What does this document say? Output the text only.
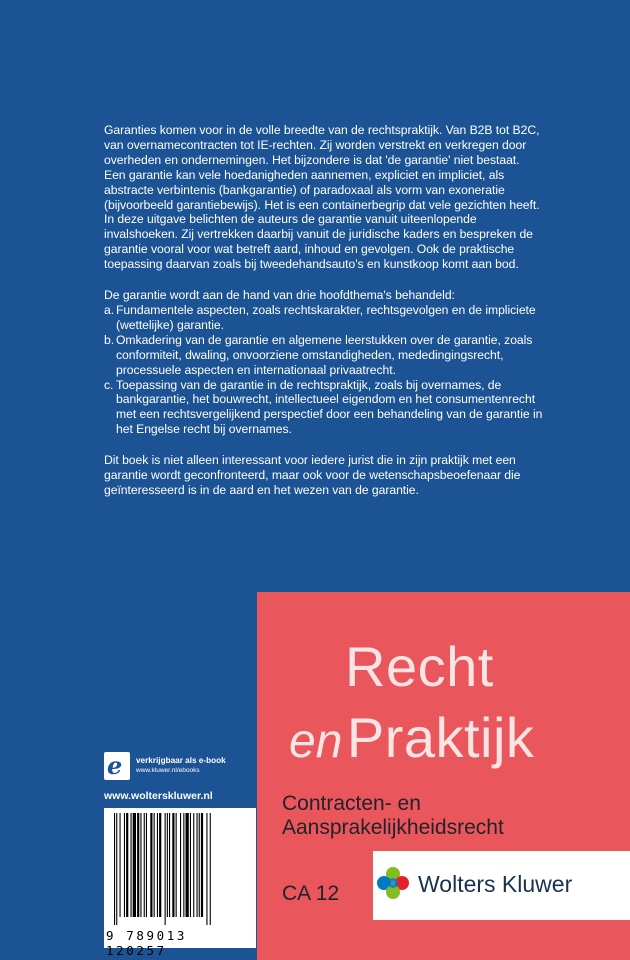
Garanties komen voor in de volle breedte van de rechtspraktijk. Van B2B tot B2C, van overnamecontracten tot IE-rechten. Zij worden verstrekt en verkregen door overheden en ondernemingen. Het bijzondere is dat 'de garantie' niet bestaat. Een garantie kan vele hoedanigheden aannemen, expliciet en impliciet, als abstracte verbintenis (bankgarantie) of paradoxaal als vorm van exoneratie (bijvoorbeeld garantiebewijs). Het is een containerbegrip dat vele gezichten heeft. In deze uitgave belichten de auteurs de garantie vanuit uiteenlopende invalshoeken. Zij vertrekken daarbij vanuit de juridische kaders en bespreken de garantie vooral voor wat betreft aard, inhoud en gevolgen. Ook de praktische toepassing daarvan zoals bij tweedehandsauto's en kunstkoop komt aan bod.

De garantie wordt aan de hand van drie hoofdthema's behandeld:

a. Fundamentele aspecten, zoals rechtskarakter, rechtsgevolgen en de impliciete (wettelijke) garantie.
b. Omkadering van de garantie en algemene leerstukken over de garantie, zoals conformiteit, dwaling, onvoorziene omstandigheden, mededingingsrecht, processuele aspecten en internationaal privaatrecht.
c. Toepassing van de garantie in de rechtspraktijk, zoals bij overnames, de bankgarantie, het bouwrecht, intellectueel eigendom en het consumentenrecht met een rechtsvergelijkend perspectief door een behandeling van de garantie in het Engelse recht bij overnames.

Dit boek is niet alleen interessant voor iedere jurist die in zijn praktijk met een garantie wordt geconfronteerd, maar ook voor de wetenschapsbeoefenaar die geïnteresseerd is in de aard en het wezen van de garantie.

e verkrijgbaar als e-book
www.kluwer.nl/ebooks
www.wolterskluwer.nl
9 789013 120257
Recht
en Praktijk
Contracten- en
Aansprakelijkheidsrecht
CA 12	Wolters Kluwer
